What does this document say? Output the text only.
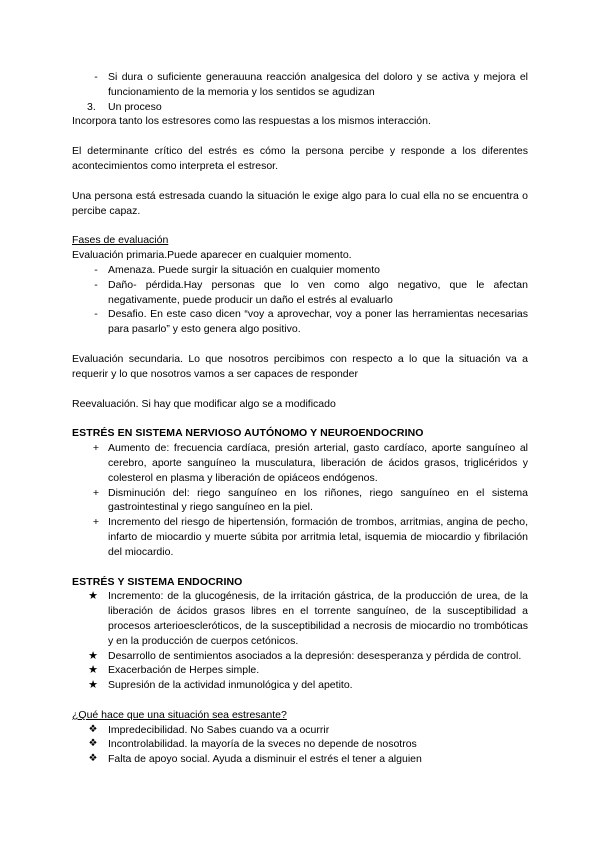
- Si dura o suficiente generauuna reacción analgesica del doloro y se activa y mejora el funcionamiento de la memoria y los sentidos se agudizan
3.	Un proceso

Incorpora tanto los estresores como las respuestas a los mismos interacción.

El determinante crítico del estrés es cómo la persona percibe y responde a los diferentes acontecimientos como interpreta el estresor.

Una persona está estresada cuando la situación le exige algo para lo cual ella no se encuentra o percibe capaz.

Fases de evaluación

Evaluación primaria.Puede aparecer en cualquier momento.

- Amenaza. Puede surgir la situación en cualquier momento
- Daño- pérdida.Hay personas que lo ven como algo negativo, que le afectan negativamente, puede producir un daño el estrés al evaluarlo
- Desafio. En este caso dicen “voy a aprovechar, voy a poner las herramientas necesarias para pasarlo” y esto genera algo positivo.

Evaluación secundaria. Lo que nosotros percibimos con respecto a lo que la situación va a requerir y lo que nosotros vamos a ser capaces de responder

Reevaluación. Si hay que modificar algo se a modificado

ESTRÉS EN SISTEMA NERVIOSO AUTÓNOMO Y NEUROENDOCRINO
+ Aumento de: frecuencia cardíaca, presión arterial, gasto cardíaco, aporte sanguíneo al cerebro, aporte sanguíneo la musculatura, liberación de ácidos grasos, triglicéridos y colesterol en plasma y liberación de opiáceos endógenos.
+ Disminución del: riego sanguíneo en los riñones, riego sanguíneo en el sistema gastrointestinal y riego sanguíneo en la piel.
+ Incremento del riesgo de hipertensión, formación de trombos, arritmias, angina de pecho, infarto de miocardio y muerte súbita por arritmia letal, isquemia de miocardio y fibrilación del miocardio.
ESTRÉS Y SISTEMA ENDOCRINO
★ Incremento: de la glucogénesis, de la irritación gástrica, de la producción de urea, de la liberación de ácidos grasos libres en el torrente sanguíneo, de la susceptibilidad a procesos arterioescleróticos, de la susceptibilidad a necrosis de miocardio no trombóticas y en la producción de cuerpos cetónicos.
★ Desarrollo de sentimientos asociados a la depresión: desesperanza y pérdida de control.
★ Exacerbación de Herpes simple.
★ Supresión de la actividad inmunológica y del apetito.

¿Qué hace que una situación sea estresante?

❖ Impredecibilidad. No Sabes cuando va a ocurrir
❖ Incontrolabilidad. la mayoría de la sveces no depende de nosotros
❖ Falta de apoyo social. Ayuda a disminuir el estrés el tener a alguien
